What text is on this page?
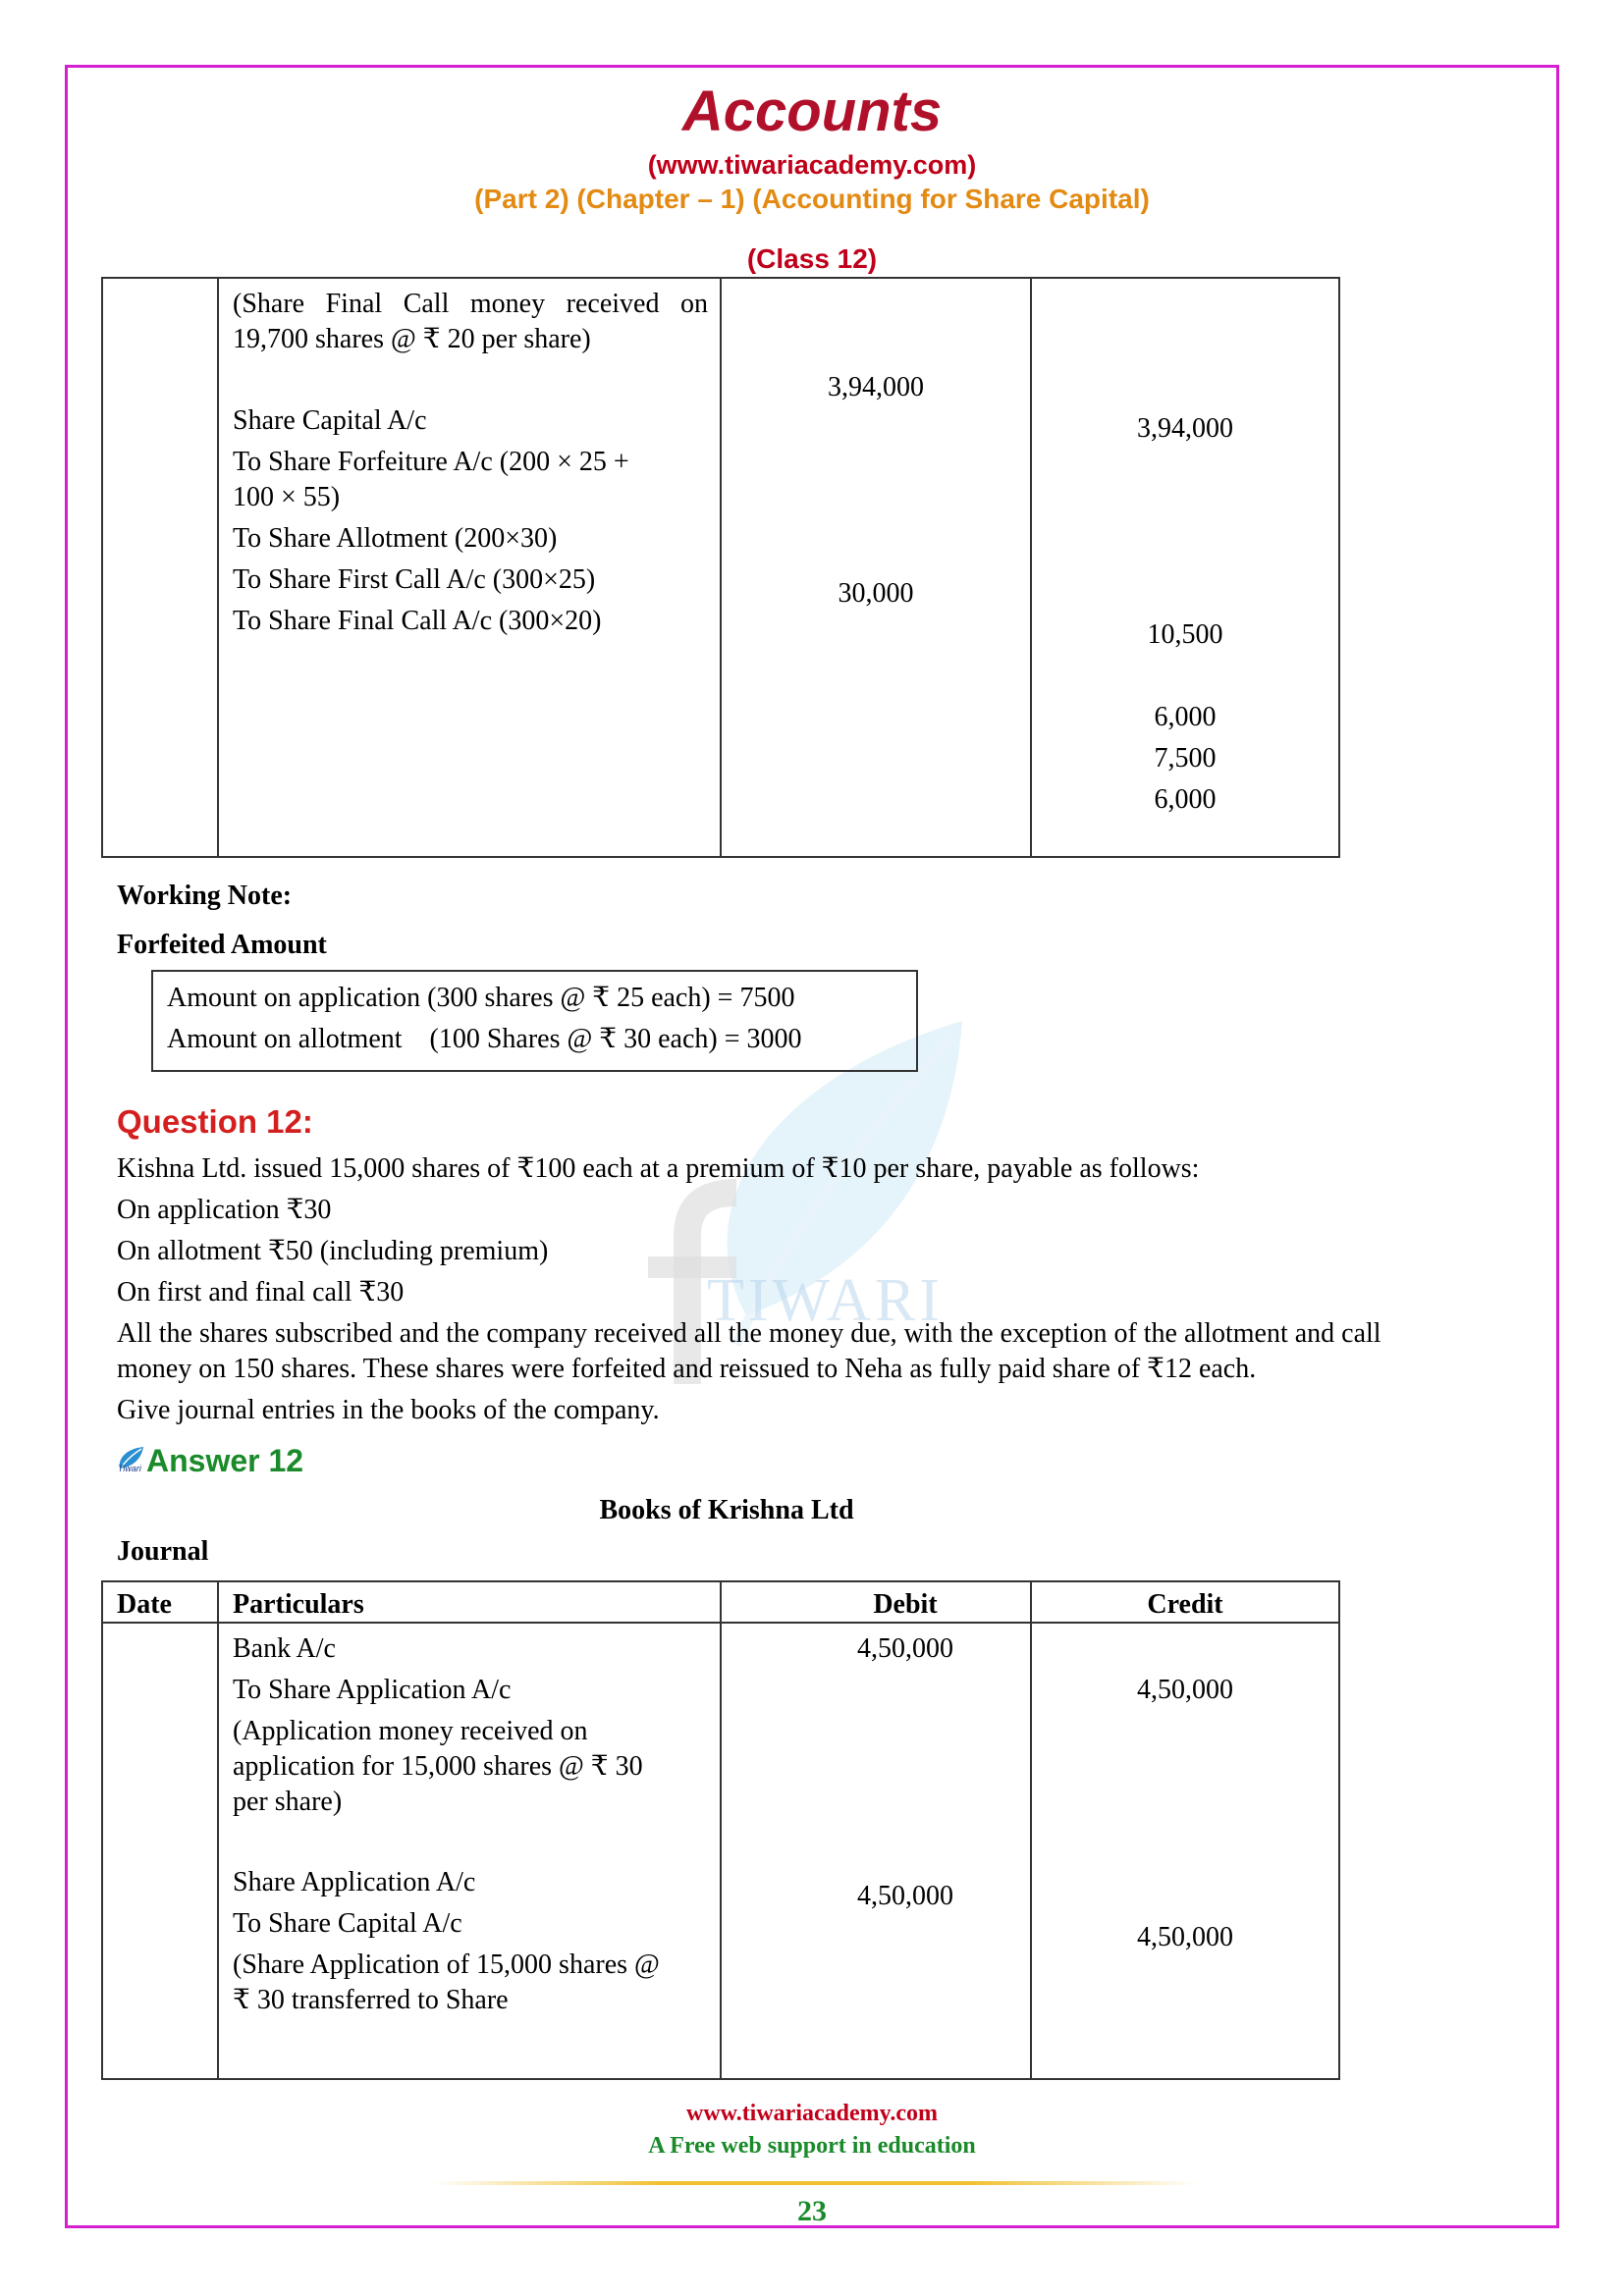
TIWARI
Accounts
(www.tiwariacademy.com)
(Part 2) (Chapter – 1) (Accounting for Share Capital)
(Class 12)
(Share Final Call money received on
19,700 shares @ ₹ 20 per share)
Share Capital A/c
To Share Forfeiture A/c (200 × 25 +
100 × 55)
To Share Allotment (200×30)
To Share First Call A/c (300×25)
To Share Final Call A/c (300×20)
3,94,000
30,000
3,94,000
10,500
6,000
7,500
6,000
Working Note:
Forfeited Amount
Amount on application (300 shares @ ₹ 25 each) = 7500
Amount on allotment    (100 Shares @ ₹ 30 each) = 3000
Question 12:
Kishna Ltd. issued 15,000 shares of ₹100 each at a premium of ₹10 per share, payable as follows:
On application ₹30
On allotment ₹50 (including premium)
On first and final call ₹30
All the shares subscribed and the company received all the money due, with the exception of the allotment and call
money on 150 shares. These shares were forfeited and reissued to Neha as fully paid share of ₹12 each.
Give journal entries in the books of the company.
Tiwari Answer 12
Books of Krishna Ltd
Journal
Date Particulars	Debit	Credit
Bank A/c
To Share Application A/c
(Application money received on
application for 15,000 shares @ ₹ 30
per share)
Share Application A/c
To Share Capital A/c
(Share Application of 15,000 shares @
₹ 30 transferred to Share
4,50,000
4,50,000
4,50,000
4,50,000
www.tiwariacademy.com
A Free web support in education
23
